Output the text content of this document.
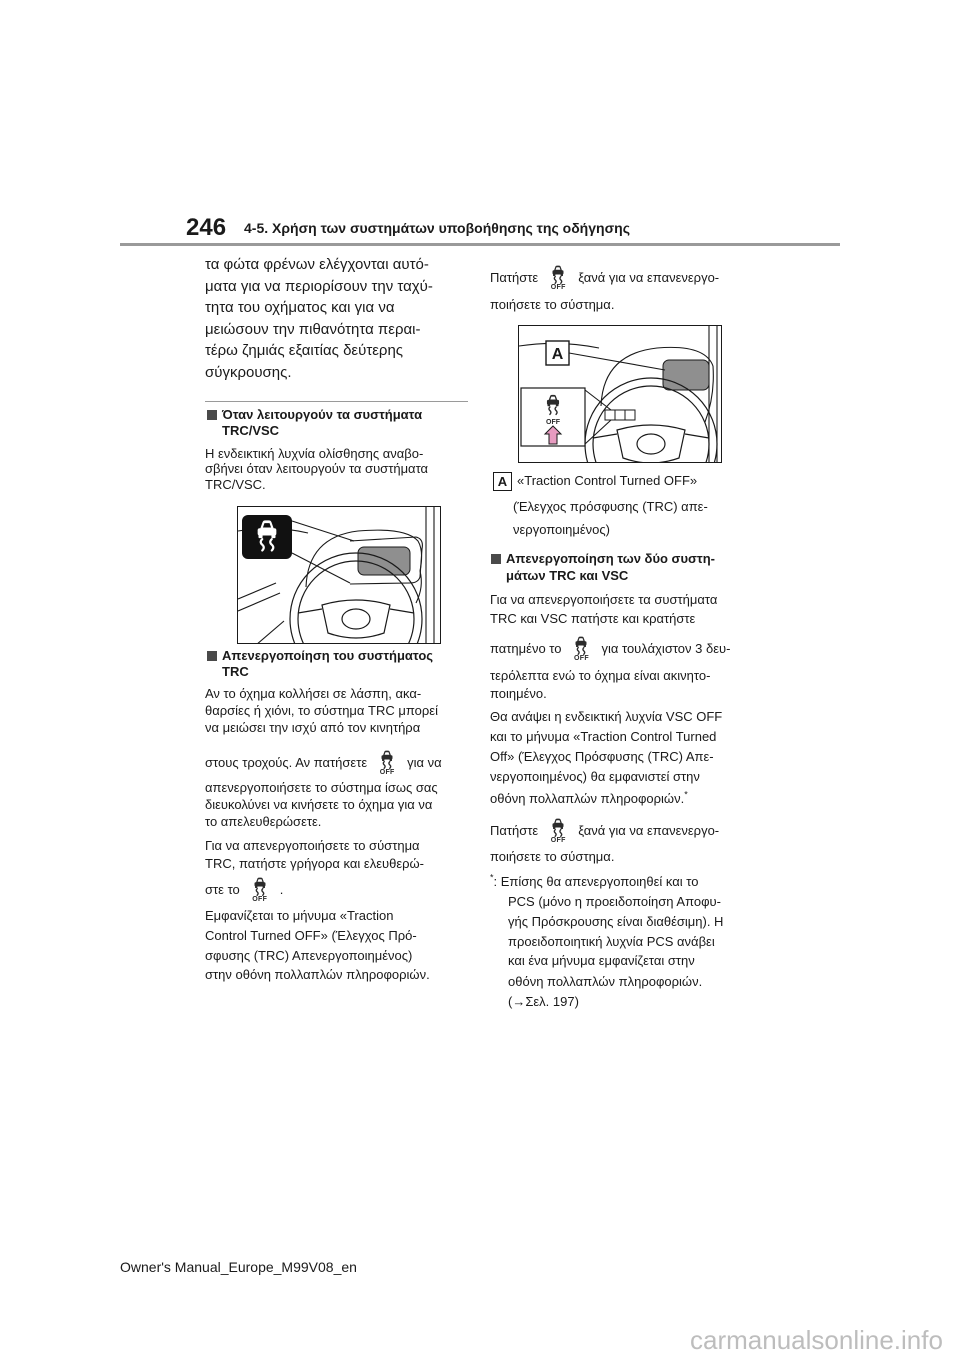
246 4-5. Χρήση των συστημάτων υποβοήθησης της οδήγησης
τα φώτα φρένων ελέγχονται αυτό-
ματα για να περιορίσουν την ταχύ-
τητα του οχήματος και για να
μειώσουν την πιθανότητα περαι-
τέρω ζημιάς εξαιτίας δεύτερης
σύγκρουσης.
Όταν λειτουργούν τα συστήματα
TRC/VSC
Η ενδεικτική λυχνία ολίσθησης αναβο-
σβήνει όταν λειτουργούν τα συστήματα
TRC/VSC.
Απενεργοποίηση του συστήματος
TRC
Αν το όχημα κολλήσει σε λάσπη, ακα-
θαρσίες ή χιόνι, το σύστημα TRC μπορεί
να μειώσει την ισχύ από τον κινητήρα
στους τροχούς. Αν πατήσετε
OFF
για να
απενεργοποιήσετε το σύστημα ίσως σας
διευκολύνει να κινήσετε το όχημα για να
το απελευθερώσετε.
Για να απενεργοποιήσετε το σύστημα
TRC, πατήστε γρήγορα και ελευθερώ-
στε το
OFF
.
Εμφανίζεται το μήνυμα «Traction
Control Turned OFF» (Έλεγχος Πρό-
σφυσης (TRC) Απενεργοποιημένος)
στην οθόνη πολλαπλών πληροφοριών.
Πατήστε
OFF
ξανά για να επανενεργο-
ποιήσετε το σύστημα.
A
OFF
A «Traction Control Turned OFF»
(Έλεγχος πρόσφυσης (TRC) απε-
νεργοποιημένος)
Απενεργοποίηση των δύο συστη-
μάτων TRC και VSC
Για να απενεργοποιήσετε τα συστήματα
TRC και VSC πατήστε και κρατήστε
πατημένο το
OFF
για τουλάχιστον 3 δευ-
τερόλεπτα ενώ το όχημα είναι ακινητο-
ποιημένο.
Θα ανάψει η ενδεικτική λυχνία VSC OFF
και το μήνυμα «Traction Control Turned
Off» (Έλεγχος Πρόσφυσης (TRC) Απε-
νεργοποιημένος) θα εμφανιστεί στην
οθόνη πολλαπλών πληροφοριών.*
Πατήστε
OFF
ξανά για να επανενεργο-
ποιήσετε το σύστημα.
*: Επίσης θα απενεργοποιηθεί και το
PCS (μόνο η προειδοποίηση Αποφυ-
γής Πρόσκρουσης είναι διαθέσιμη). Η
προειδοποιητική λυχνία PCS ανάβει
και ένα μήνυμα εμφανίζεται στην
οθόνη πολλαπλών πληροφοριών.
(→Σελ. 197)
Owner's Manual_Europe_M99V08_en
carmanualsonline.info
